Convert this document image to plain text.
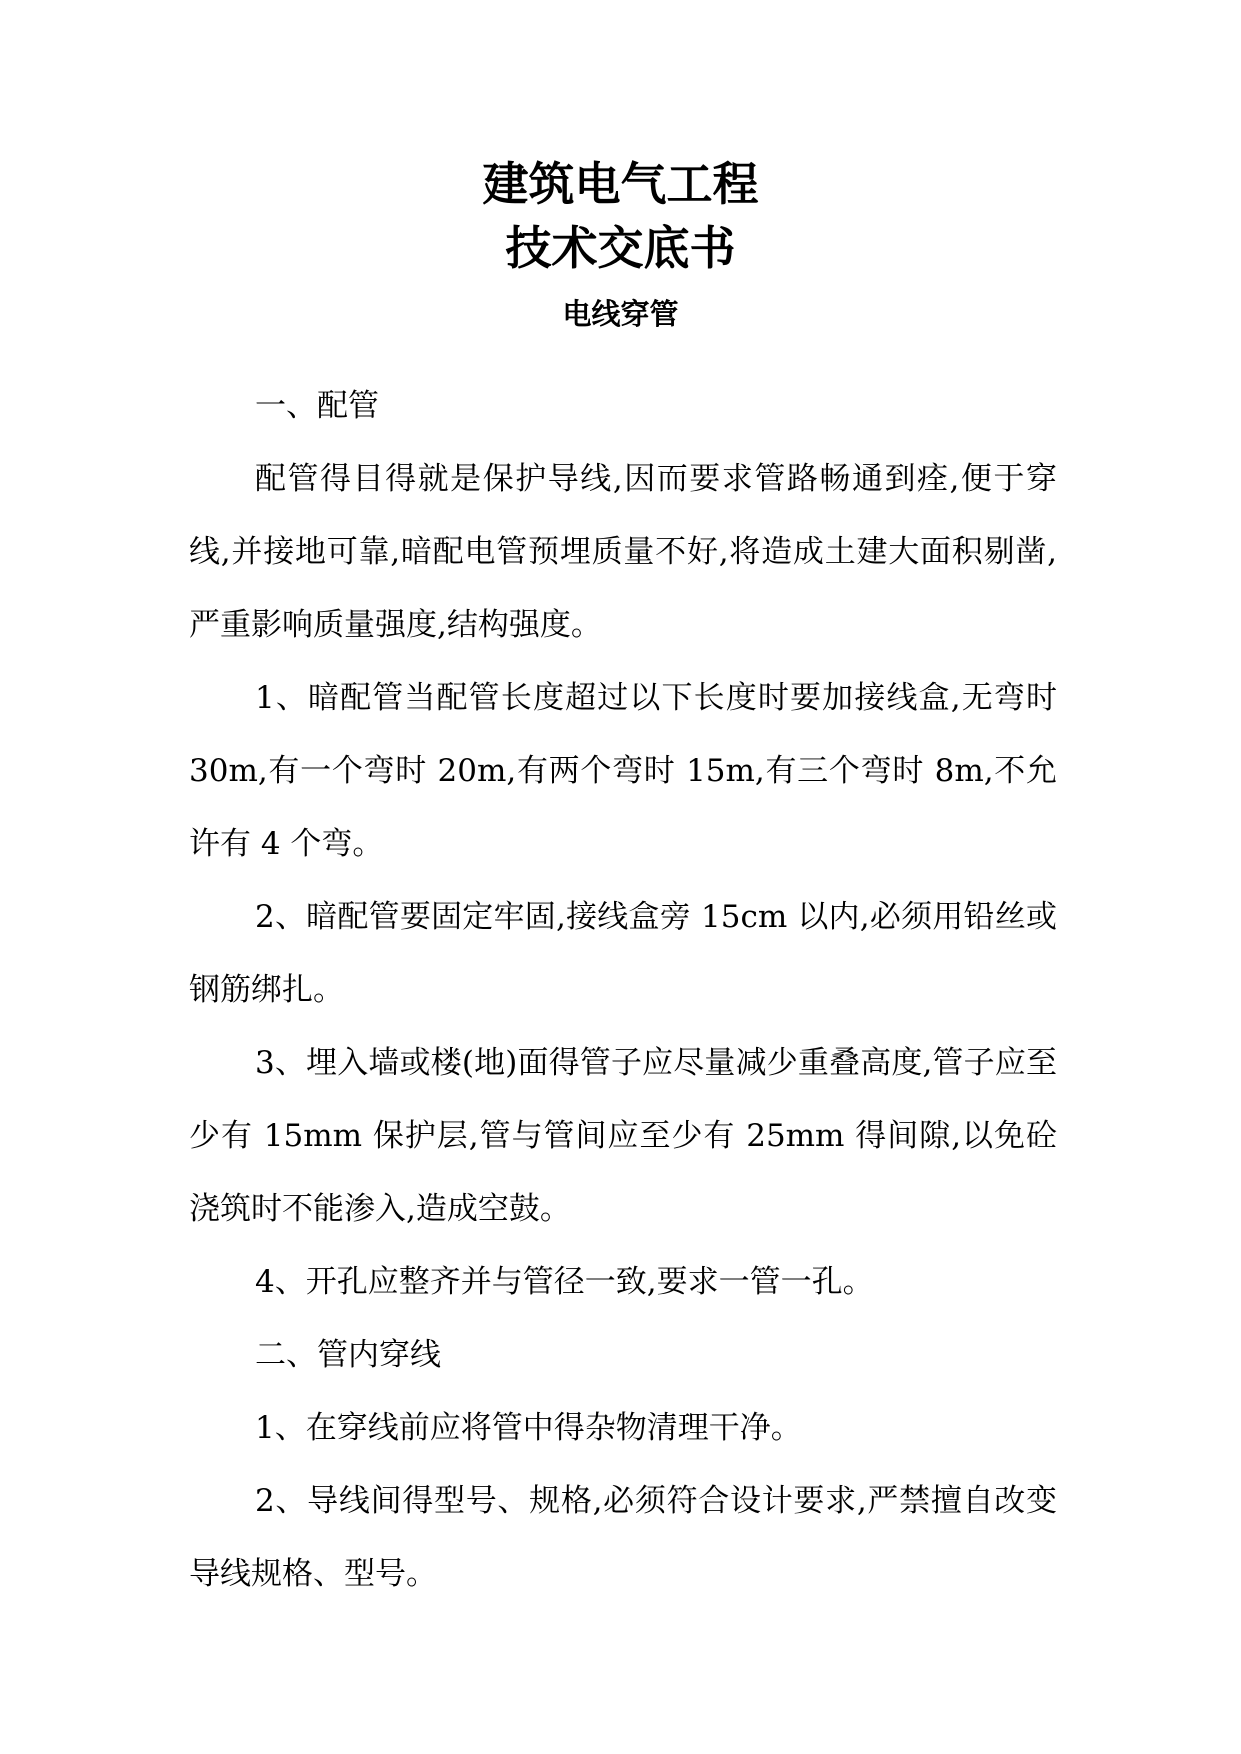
建筑电气工程
技术交底书
电线穿管

一、配管

配管得目得就是保护导线,因而要求管路畅通到痊,便于穿线,并接地可靠,暗配电管预埋质量不好,将造成土建大面积剔凿,严重影响质量强度,结构强度。

1、暗配管当配管长度超过以下长度时要加接线盒,无弯时 30m,有一个弯时 20m,有两个弯时 15m,有三个弯时 8m,不允许有 4 个弯。

2、暗配管要固定牢固,接线盒旁 15cm 以内,必须用铅丝或钢筋绑扎。

3、埋入墙或楼(地)面得管子应尽量减少重叠高度,管子应至少有 15mm 保护层,管与管间应至少有 25mm 得间隙,以免砼浇筑时不能渗入,造成空鼓。

4、开孔应整齐并与管径一致,要求一管一孔。

二、管内穿线

1、在穿线前应将管中得杂物清理干净。

2、导线间得型号、规格,必须符合设计要求,严禁擅自改变导线规格、型号。
